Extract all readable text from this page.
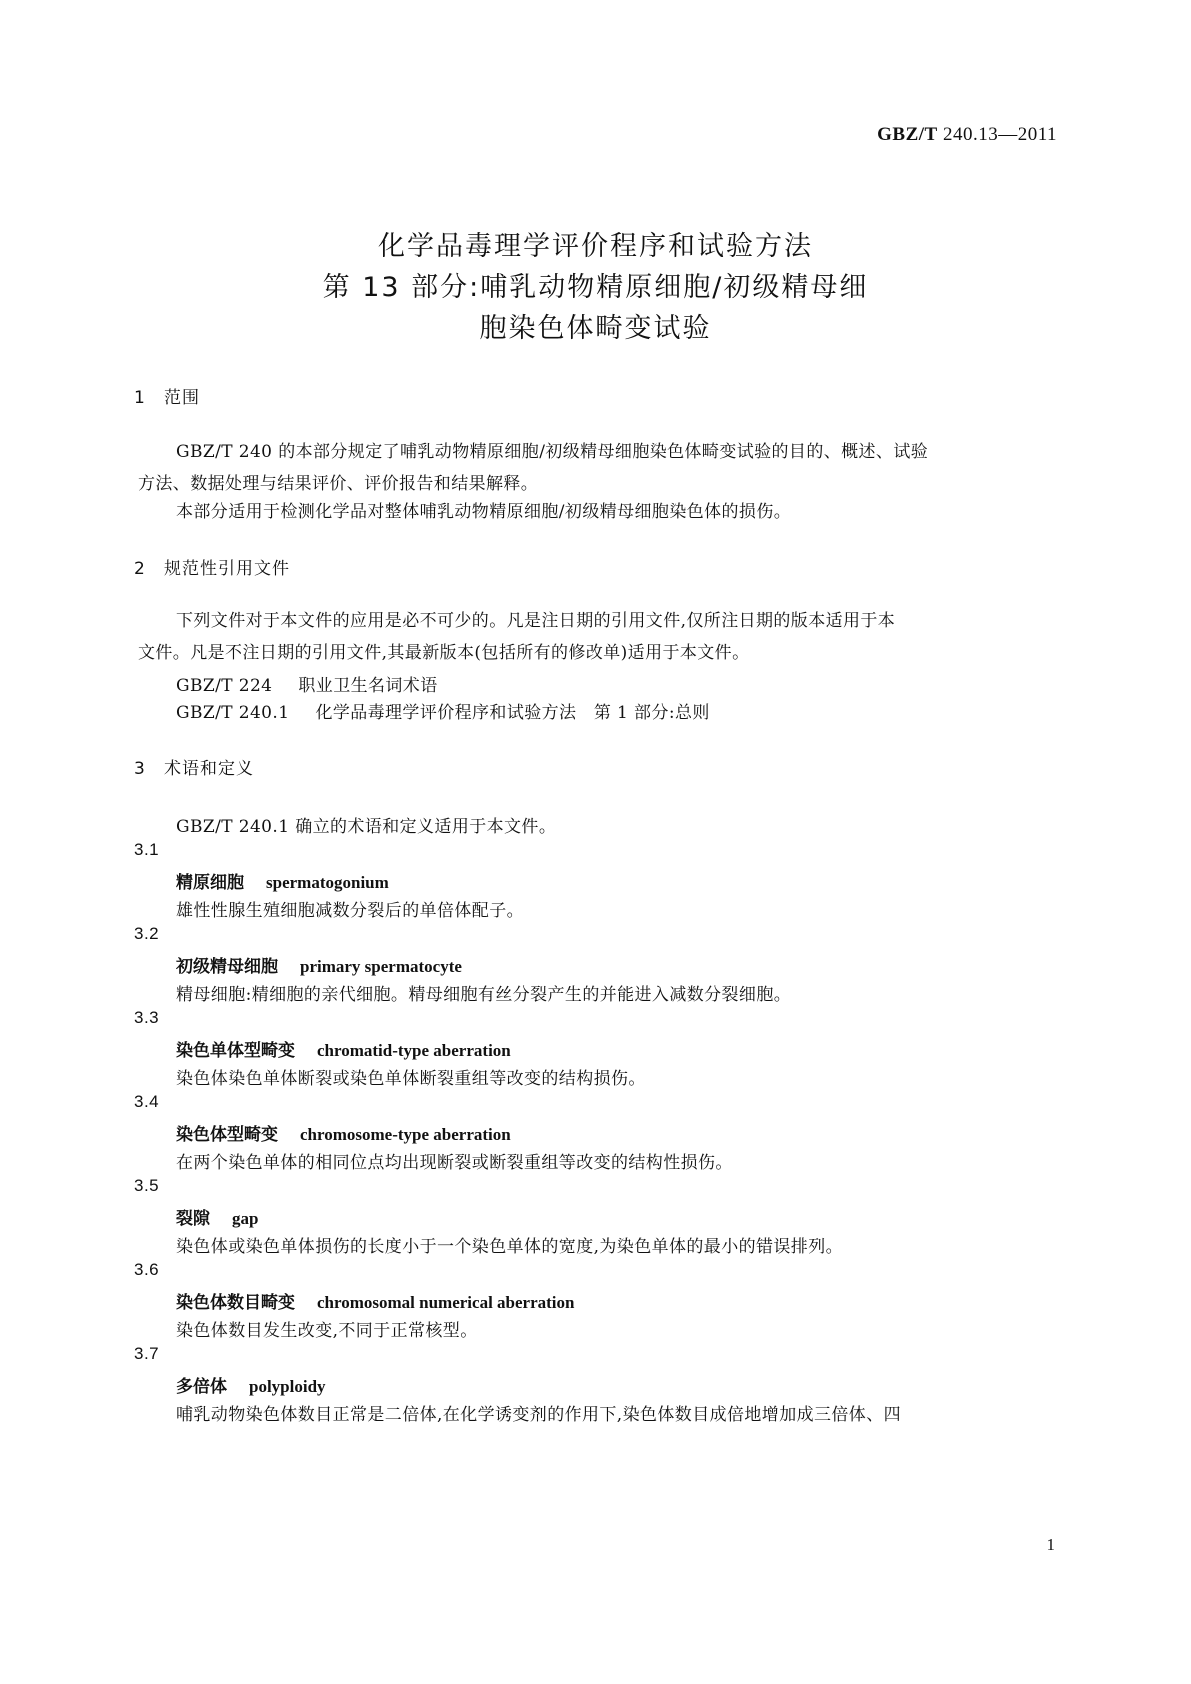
GBZ/T 240.13—2011
化学品毒理学评价程序和试验方法
第 13 部分:哺乳动物精原细胞/初级精母细
胞染色体畸变试验
1 范围
GBZ/T 240 的本部分规定了哺乳动物精原细胞/初级精母细胞染色体畸变试验的目的、概述、试验
方法、数据处理与结果评价、评价报告和结果解释。
本部分适用于检测化学品对整体哺乳动物精原细胞/初级精母细胞染色体的损伤。
2 规范性引用文件
下列文件对于本文件的应用是必不可少的。凡是注日期的引用文件,仅所注日期的版本适用于本
文件。凡是不注日期的引用文件,其最新版本(包括所有的修改单)适用于本文件。
GBZ/T 224 职业卫生名词术语
GBZ/T 240.1 化学品毒理学评价程序和试验方法　第 1 部分:总则
3 术语和定义
GBZ/T 240.1 确立的术语和定义适用于本文件。
3.1
精原细胞 spermatogonium
雄性性腺生殖细胞减数分裂后的单倍体配子。
3.2
初级精母细胞 primary spermatocyte
精母细胞:精细胞的亲代细胞。精母细胞有丝分裂产生的并能进入减数分裂细胞。
3.3
染色单体型畸变 chromatid-type aberration
染色体染色单体断裂或染色单体断裂重组等改变的结构损伤。
3.4
染色体型畸变 chromosome-type aberration
在两个染色单体的相同位点均出现断裂或断裂重组等改变的结构性损伤。
3.5
裂隙 gap
染色体或染色单体损伤的长度小于一个染色单体的宽度,为染色单体的最小的错误排列。
3.6
染色体数目畸变 chromosomal numerical aberration
染色体数目发生改变,不同于正常核型。
3.7
多倍体 polyploidy
哺乳动物染色体数目正常是二倍体,在化学诱变剂的作用下,染色体数目成倍地增加成三倍体、四
1
